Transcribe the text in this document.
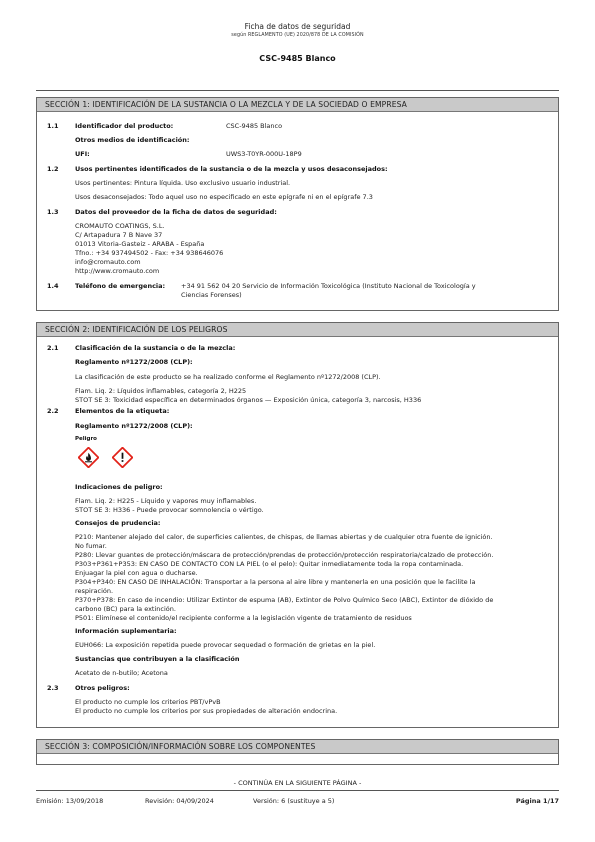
Ficha de datos de seguridad
según REGLAMENTO (UE) 2020/878 DE LA COMISIÓN
CSC-9485 Blanco
SECCIÓN 1: IDENTIFICACIÓN DE LA SUSTANCIA O LA MEZCLA Y DE LA SOCIEDAD O EMPRESA
1.1	Identificador del producto:	CSC-9485 Blanco
Otros medios de identificación:
UFI:	UWS3-T0YR-000U-18P9
1.2	Usos pertinentes identificados de la sustancia o de la mezcla y usos desaconsejados:
Usos pertinentes: Pintura líquida. Uso exclusivo usuario industrial.
Usos desaconsejados: Todo aquel uso no especificado en este epígrafe ni en el epígrafe 7.3
1.3	Datos del proveedor de la ficha de datos de seguridad:
CROMAUTO COATINGS, S.L.
C/ Artapadura 7 B Nave 37
01013 Vitoria-Gasteiz - ARABA - España
Tfno.: +34 937494502 - Fax: +34 938646076
info@cromauto.com
http://www.cromauto.com
1.4	Teléfono de emergencia: +34 91 562 04 20 Servicio de Información Toxicológica (Instituto Nacional de Toxicología y
Ciencias Forenses)
SECCIÓN 2: IDENTIFICACIÓN DE LOS PELIGROS
2.1	Clasificación de la sustancia o de la mezcla:
Reglamento nº1272/2008 (CLP):
La clasificación de este producto se ha realizado conforme el Reglamento nº1272/2008 (CLP).
Flam. Liq. 2: Líquidos inflamables, categoría 2, H225
STOT SE 3: Toxicidad específica en determinados órganos — Exposición única, categoría 3, narcosis, H336
2.2	Elementos de la etiqueta:
Reglamento nº1272/2008 (CLP):
Peligro
Indicaciones de peligro:
Flam. Liq. 2: H225 - Líquido y vapores muy inflamables.
STOT SE 3: H336 - Puede provocar somnolencia o vértigo.
Consejos de prudencia:
P210: Mantener alejado del calor, de superficies calientes, de chispas, de llamas abiertas y de cualquier otra fuente de ignición.
No fumar.
P280: Llevar guantes de protección/máscara de protección/prendas de protección/protección respiratoria/calzado de protección.
P303+P361+P353: EN CASO DE CONTACTO CON LA PIEL (o el pelo): Quitar inmediatamente toda la ropa contaminada.
Enjuagar la piel con agua o ducharse.
P304+P340: EN CASO DE INHALACIÓN: Transportar a la persona al aire libre y mantenerla en una posición que le facilite la
respiración.
P370+P378: En caso de incendio: Utilizar Extintor de espuma (AB), Extintor de Polvo Químico Seco (ABC), Extintor de dióxido de
carbono (BC) para la extinción.
P501: Elimínese el contenido/el recipiente conforme a la legislación vigente de tratamiento de residuos
Información suplementaria:
EUH066: La exposición repetida puede provocar sequedad o formación de grietas en la piel.
Sustancias que contribuyen a la clasificación
Acetato de n-butilo; Acetona
2.3	Otros peligros:
El producto no cumple los criterios PBT/vPvB
El producto no cumple los criterios por sus propiedades de alteración endocrina.
SECCIÓN 3: COMPOSICIÓN/INFORMACIÓN SOBRE LOS COMPONENTES
- CONTINÚA EN LA SIGUIENTE PÁGINA -
Emisión: 13/09/2018	Revisión: 04/09/2024	Versión: 6 (sustituye a 5)	Página 1/17
